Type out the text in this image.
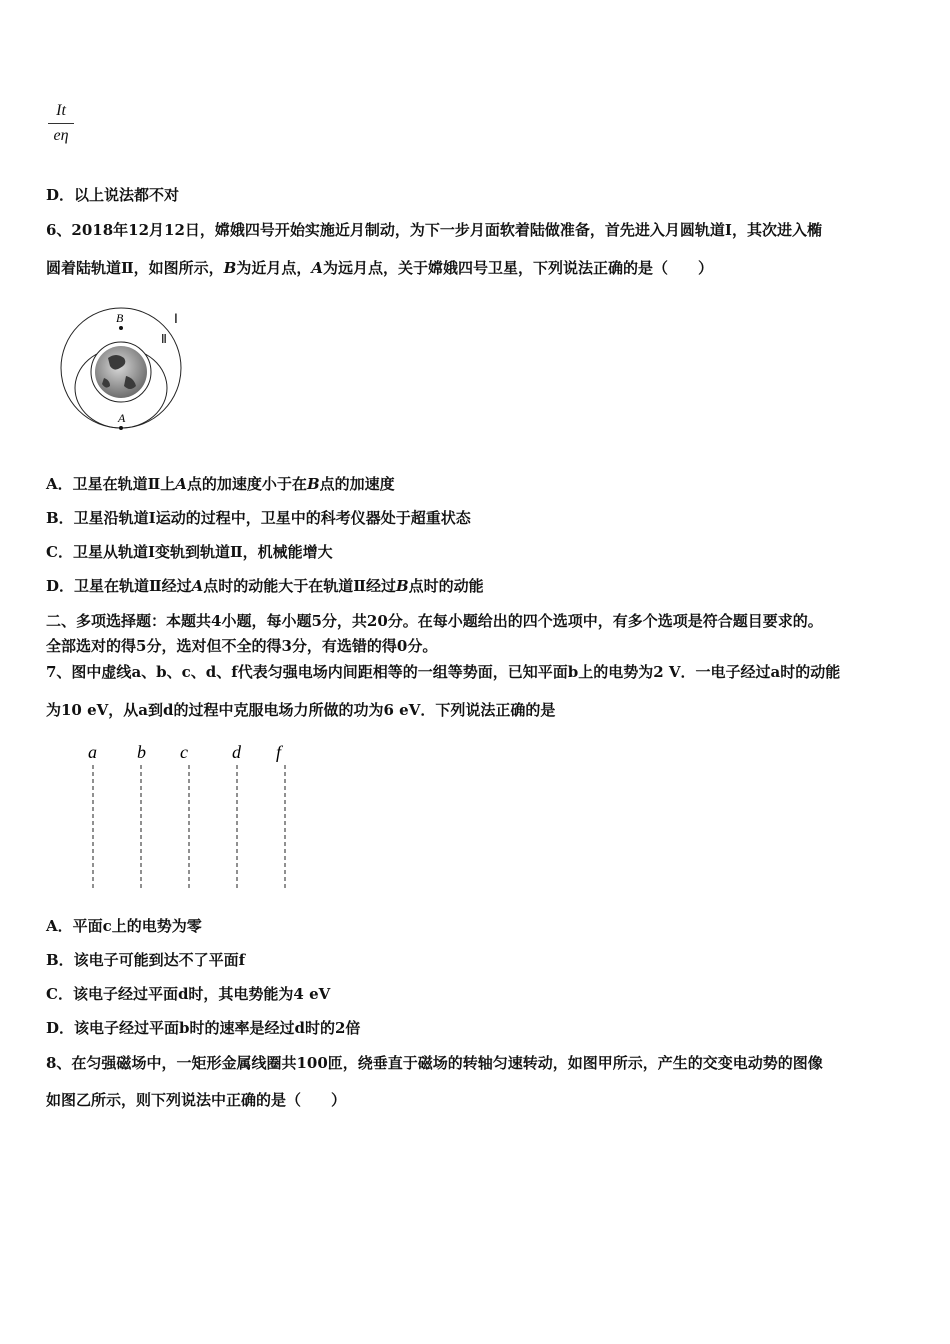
It
eη
D．以上说法都不对
6、2018年12月12日，嫦娥四号开始实施近月制动，为下一步月面软着陆做准备，首先进入月圆轨道Ⅰ，其次进入椭
圆着陆轨道Ⅱ，如图所示，B为近月点，A为远月点，关于嫦娥四号卫星，下列说法正确的是（　　）
B
A
Ⅰ
Ⅱ
A．卫星在轨道Ⅱ上A点的加速度小于在B点的加速度
B．卫星沿轨道Ⅰ运动的过程中，卫星中的科考仪器处于超重状态
C．卫星从轨道Ⅰ变轨到轨道Ⅱ，机械能增大
D．卫星在轨道Ⅱ经过A点时的动能大于在轨道Ⅱ经过B点时的动能
二、多项选择题：本题共4小题，每小题5分，共20分。在每小题给出的四个选项中，有多个选项是符合题目要求的。
全部选对的得5分，选对但不全的得3分，有选错的得0分。
7、图中虚线a、b、c、d、f代表匀强电场内间距相等的一组等势面，已知平面b上的电势为2 V．一电子经过a时的动能
为10 eV，从a到d的过程中克服电场力所做的功为6 eV．下列说法正确的是
a b c d f
A．平面c上的电势为零
B．该电子可能到达不了平面f
C．该电子经过平面d时，其电势能为4 eV
D．该电子经过平面b时的速率是经过d时的2倍
8、在匀强磁场中，一矩形金属线圈共100匝，绕垂直于磁场的转轴匀速转动，如图甲所示，产生的交变电动势的图像
如图乙所示，则下列说法中正确的是（　　）
